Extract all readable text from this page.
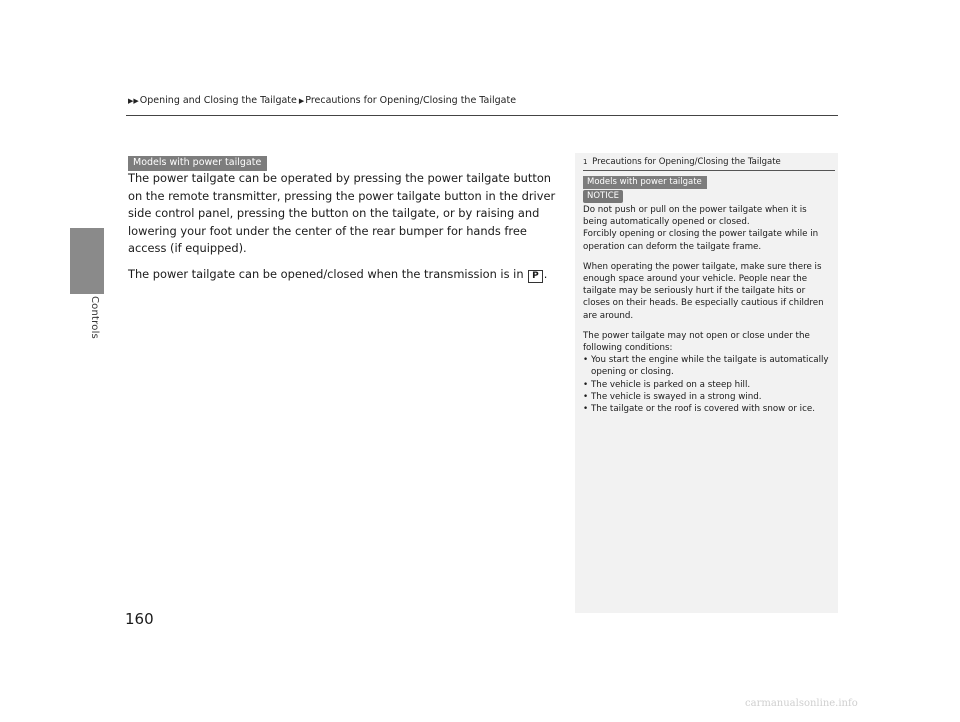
Controls
▶▶ Opening and Closing the Tailgate ▶ Precautions for Opening/Closing the Tailgate
Models with power tailgate

The power tailgate can be operated by pressing the power tailgate button on the remote transmitter, pressing the power tailgate button in the driver side control panel, pressing the button on the tailgate, or by raising and lowering your foot under the center of the rear bumper for hands free access (if equipped).

The power tailgate can be opened/closed when the transmission is in P .

1 Precautions for Opening/Closing the Tailgate
Models with power tailgate
NOTICE

Do not push or pull on the power tailgate when it is being automatically opened or closed.

Forcibly opening or closing the power tailgate while in operation can deform the tailgate frame.

When operating the power tailgate, make sure there is enough space around your vehicle. People near the tailgate may be seriously hurt if the tailgate hits or closes on their heads. Be especially cautious if children are around.

The power tailgate may not open or close under the following conditions:

• You start the engine while the tailgate is automatically opening or closing.
• The vehicle is parked on a steep hill.
• The vehicle is swayed in a strong wind.
• The tailgate or the roof is covered with snow or ice.
160
carmanualsonline.info
